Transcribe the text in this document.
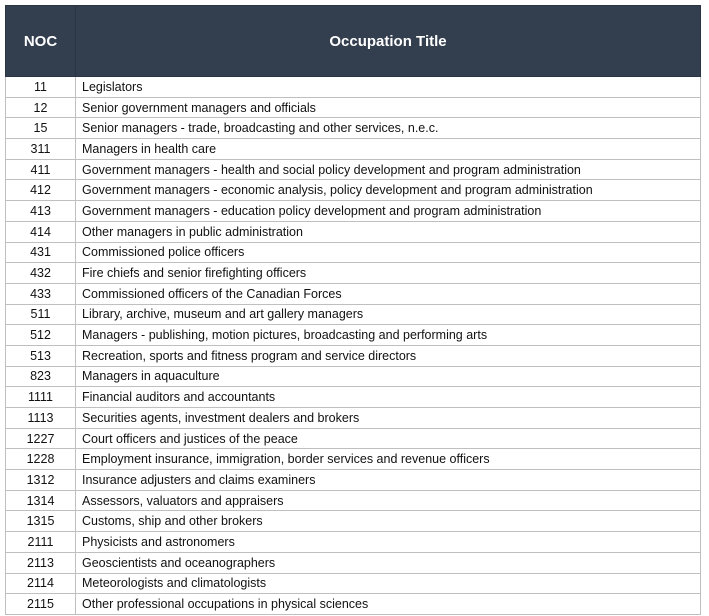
NOC	Occupation Title
11	Legislators
12	Senior government managers and officials
15	Senior managers - trade, broadcasting and other services, n.e.c.
311	Managers in health care
411	Government managers - health and social policy development and program administration
412	Government managers - economic analysis, policy development and program administration
413	Government managers - education policy development and program administration
414	Other managers in public administration
431	Commissioned police officers
432	Fire chiefs and senior firefighting officers
433	Commissioned officers of the Canadian Forces
511	Library, archive, museum and art gallery managers
512	Managers - publishing, motion pictures, broadcasting and performing arts
513	Recreation, sports and fitness program and service directors
823	Managers in aquaculture
1111	Financial auditors and accountants
1113	Securities agents, investment dealers and brokers
1227	Court officers and justices of the peace
1228	Employment insurance, immigration, border services and revenue officers
1312	Insurance adjusters and claims examiners
1314	Assessors, valuators and appraisers
1315	Customs, ship and other brokers
2111	Physicists and astronomers
2113	Geoscientists and oceanographers
2114	Meteorologists and climatologists
2115	Other professional occupations in physical sciences
